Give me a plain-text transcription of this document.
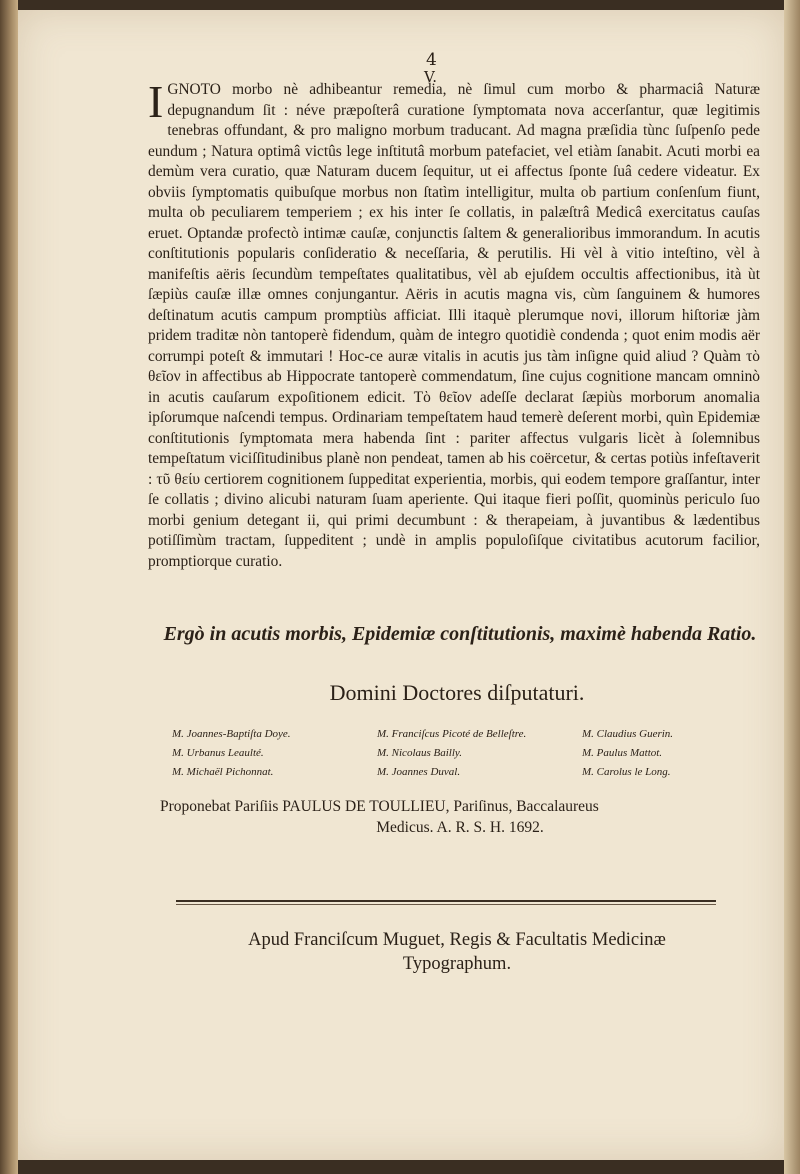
4
V.

I GNOTO morbo nè adhibeantur remedia, nè ſimul cum morbo & pharmaciâ Naturæ depugnandum ſit : néve præpoſterâ curatione ſymptomata nova accerſantur, quæ legitimis tenebras offundant, & pro maligno morbum traducant. Ad magna præſidia tùnc ſuſpenſo pede eundum ; Natura optimâ victûs lege inſtitutâ morbum patefaciet, vel etiàm ſanabit. Acuti morbi ea demùm vera curatio, quæ Naturam ducem ſequitur, ut ei affectus ſponte ſuâ cedere videatur. Ex obviis ſymptomatis quibuſque morbus non ſtatìm intelligitur, multa ob partium conſenſum fiunt, multa ob peculiarem temperiem ; ex his inter ſe collatis, in palæſtrâ Medicâ exercitatus cauſas eruet. Optandæ profectò intimæ cauſæ, conjunctis ſaltem & generalioribus immorandum. In acutis conſtitutionis popularis conſideratio & neceſſaria, & perutilis. Hi vèl à vitio inteſtino, vèl à manifeſtis aëris ſecundùm tempeſtates qualitatibus, vèl ab ejuſdem occultis affectionibus, ità ùt ſæpiùs cauſæ illæ omnes conjungantur. Aëris in acutis magna vis, cùm ſanguinem & humores deſtinatum acutis campum promptiùs afficiat. Illi itaquè plerumque novi, illorum hiſtoriæ jàm pridem traditæ nòn tantoperè fidendum, quàm de integro quotidiè condenda ; quot enim modis aër corrumpi poteſt & immutari ! Hoc-ce auræ vitalis in acutis jus tàm inſigne quid aliud ? Quàm τὸ θεῖον in affectibus ab Hippocrate tantoperè commendatum, ſine cujus cognitione mancam omninò in acutis cauſarum expoſitionem edicit. Τὸ θεῖον adeſſe declarat ſæpiùs morborum anomalia ipſorumque naſcendi tempus. Ordinariam tempeſtatem haud temerè deſerent morbi, quìn Epidemiæ conſtitutionis ſymptomata mera habenda ſint : pariter affectus vulgaris licèt à ſolemnibus tempeſtatum viciſſitudinibus planè non pendeat, tamen ab his coërcetur, & certas potiùs infeſtaverit : τῦ θείυ certiorem cognitionem ſuppeditat experientia, morbis, qui eodem tempore graſſantur, inter ſe collatis ; divino alicubi naturam ſuam aperiente. Qui itaque fieri poſſit, quominùs periculo ſuo morbi genium detegant ii, qui primi decumbunt : & therapeiam, à juvantibus & lædentibus potiſſimùm tractam, ſuppeditent ; undè in amplis populoſiſque civitatibus acutorum facilior, promptiorque curatio.

Ergò in acutis morbis, Epidemiæ conſtitutionis, maximè habenda Ratio.

Domini Doctores diſputaturi.

M. Joannes-Baptiſta Doye.	M. Franciſcus Picoté de Belleſtre.	M. Claudius Guerin.
M. Urbanus Leaulté.	M. Nicolaus Bailly.	M. Paulus Mattot.
M. Michaël Pichonnat.	M. Joannes Duval.	M. Carolus le Long.

Proponebat Pariſiis PAULUS DE TOULLIEU, Pariſinus, Baccalaureus
Medicus. A. R. S. H. 1692.

Apud Franciſcum Muguet, Regis & Facultatis Medicinæ
Typographum.
